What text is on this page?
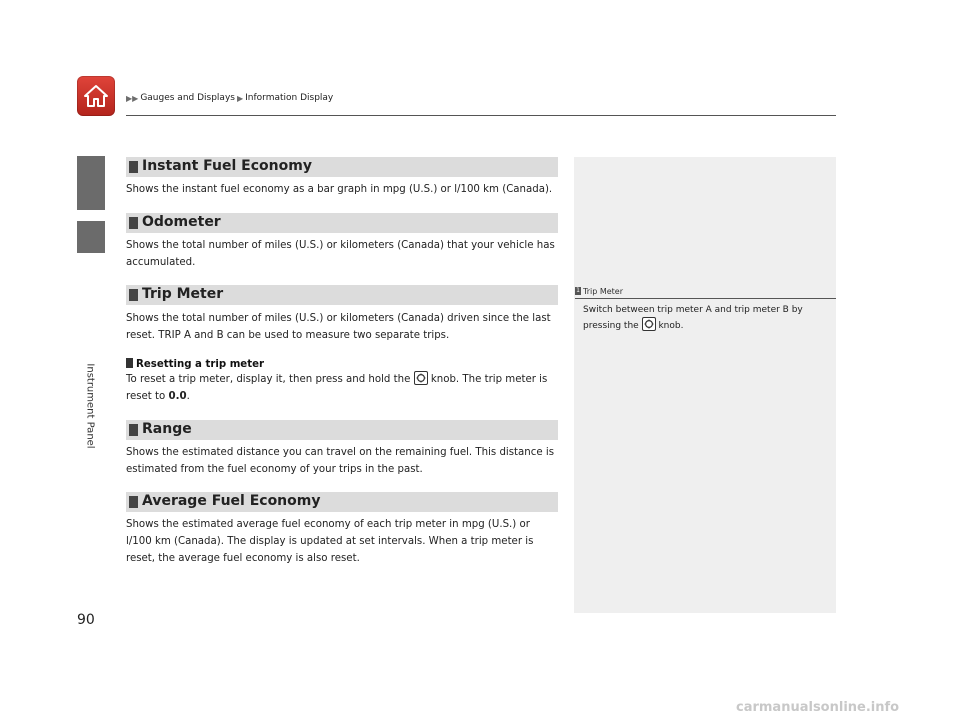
▶▶ Gauges and Displays ▶ Information Display
Instrument Panel
1 Trip Meter
Switch between trip meter A and trip meter B by pressing the knob.
Instant Fuel Economy
Shows the instant fuel economy as a bar graph in mpg (U.S.) or l/100 km (Canada).
Odometer
Shows the total number of miles (U.S.) or kilometers (Canada) that your vehicle has accumulated.
Trip Meter
Shows the total number of miles (U.S.) or kilometers (Canada) driven since the last reset. TRIP A and B can be used to measure two separate trips.
Resetting a trip meter
To reset a trip meter, display it, then press and hold the knob. The trip meter is reset to 0.0.
Range
Shows the estimated distance you can travel on the remaining fuel. This distance is estimated from the fuel economy of your trips in the past.
Average Fuel Economy
Shows the estimated average fuel economy of each trip meter in mpg (U.S.) or l/100 km (Canada). The display is updated at set intervals. When a trip meter is reset, the average fuel economy is also reset.
90
carmanualsonline.info
